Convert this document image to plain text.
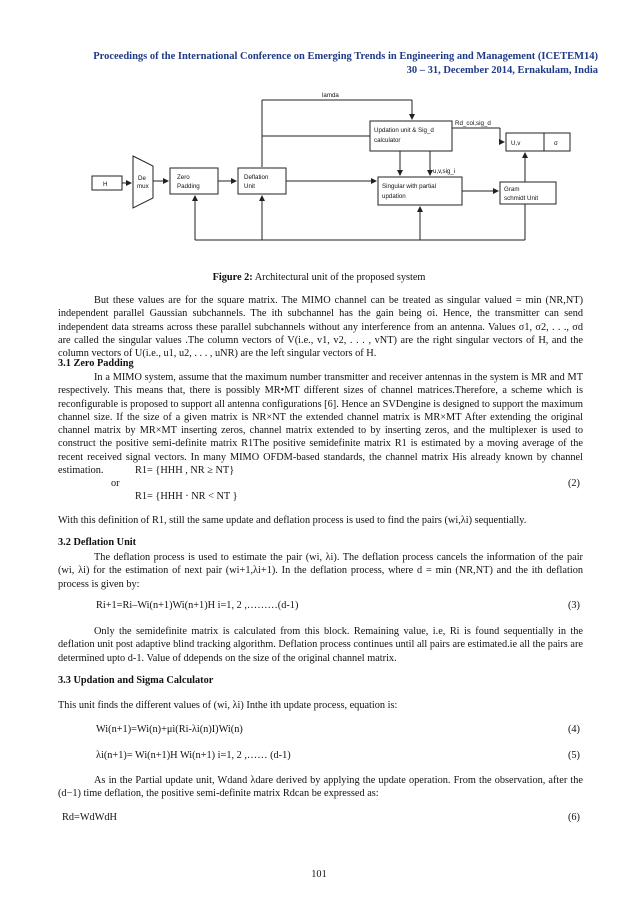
Proceedings of the International Conference on Emerging Trends in Engineering and Management (ICETEM14)
30 – 31, December 2014, Ernakulam, India
lamda
Rd_col,sig_d
Updation unit & Sig_d
calculator	U,v	σ
u,v,sig_i
H
De
mux
Zero
Padding
Deflation
Unit	Singular with partial
updation
Gram
schmidt Unit
Figure 2: Architectural unit of the proposed system

But these values are for the square matrix. The MIMO channel can be treated as singular valued = min (NR,NT) independent parallel Gaussian subchannels. The ith subchannel has the gain being σi. Hence, the transmitter can send independent data streams across these parallel subchannels without any interference from an antenna. Values σ1, σ2, . . ., σd are called the singular values .The column vectors of V(i.e., v1, v2, . . . , vNT) are the right singular vectors of H, and the column vectors of U(i.e., u1, u2, . . . , uNR) are the left singular vectors of H.

3.1 Zero Padding

In a MIMO system, assume that the maximum number transmitter and receiver antennas in the system is MR and MT respectively. This means that, there is possibly MR•MT different sizes of channel matrices.Therefore, a scheme which is reconfigurable is proposed to support all antenna configurations [6]. Hence an SVDengine is designed to support the maximum channel size. If the size of a given matrix is NR×NT the extended channel matrix is MR×MT After extending the original channel matrix by MR×MT inserting zeros, channel matrix extended to by inserting zeros, and the multiplexer is used to construct the positive semi-definite matrix R1The positive semidefinite matrix R1 is estimated by a moving average of the recent received signal vectors. In many MIMO OFDM-based standards, the channel matrix His already known by channel estimation.	R1= {HHH , NR ≥ NT}

or	(2)

R1= {HHH · NR < NT }

With this definition of R1, still the same update and deflation process is used to find the pairs (wi,λi) sequentially.

3.2 Deflation Unit

The deflation process is used to estimate the pair (wi, λi). The deflation process cancels the information of the pair (wi, λi) for the estimation of next pair (wi+1,λi+1). In the deflation process, where d = min (NR,NT) and the ith deflation process is given by:

Ri+1=Ri–Wi(n+1)Wi(n+1)H i=1, 2 ,………(d-1)	(3)

Only the semidefinite matrix is calculated from this block. Remaining value, i.e, Ri is found sequentially in the deflation unit post adaptive blind tracking algorithm. Deflation process continues until all pairs are estimated.ie all the pairs are determined upto d-1. Value of ddepends on the size of the original channel matrix.

3.3 Updation and Sigma Calculator

This unit finds the different values of (wi, λi) Inthe ith update process, equation is:

Wi(n+1)=Wi(n)+μi(Ri-λi(n)I)Wi(n)	(4)

λi(n+1)= Wi(n+1)H Wi(n+1) i=1, 2 ,…… (d-1)	(5)

As in the Partial update unit, Wdand λdare derived by applying the update operation. From the observation, after the (d−1) time deflation, the positive semi-definite matrix Rdcan be expressed as:

Rd=WdWdH	(6)

101
